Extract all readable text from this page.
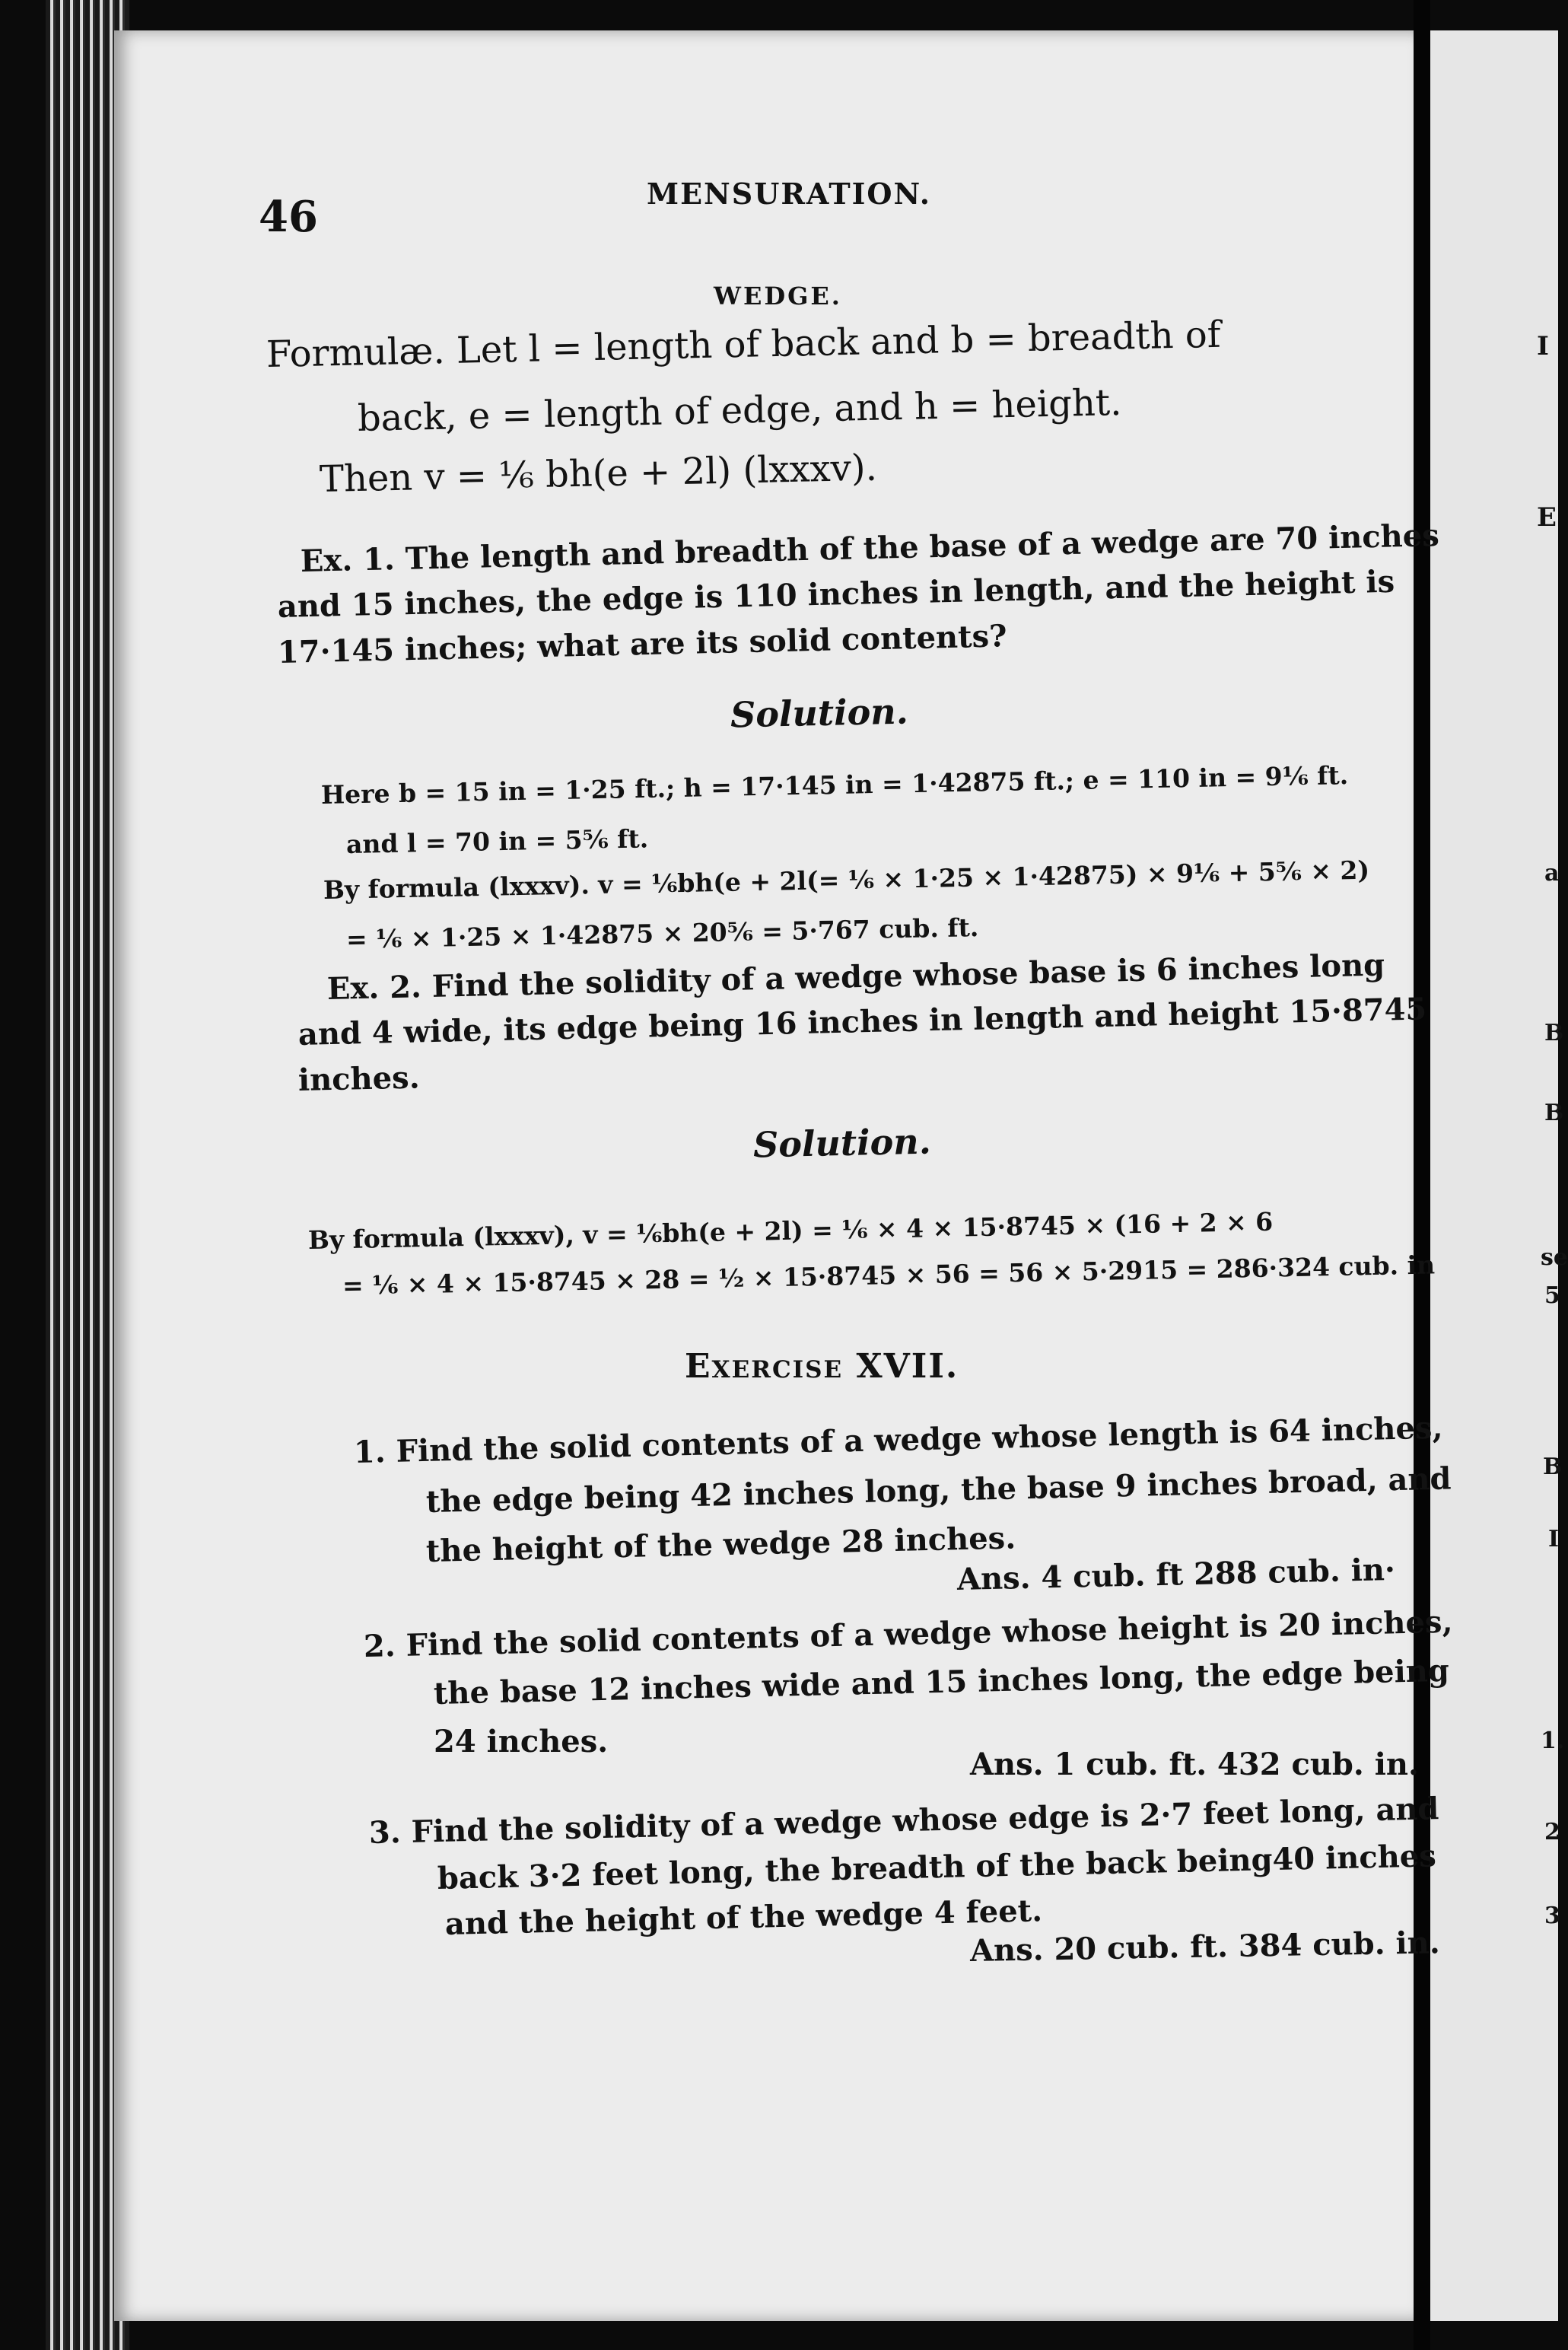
I
E
a
B
B
se
5
B
I
1.
2
3
46	MENSURATION.
WEDGE.
Formulæ. Let l = length of back and b = breadth of
back, e = length of edge, and h = height.
Then v = ⅙ bh(e + 2l) (lxxxv).
Ex. 1. The length and breadth of the base of a wedge are 70 inches
and 15 inches, the edge is 110 inches in length, and the height is
17·145 inches; what are its solid contents?
Solution.
Here b = 15 in = 1·25 ft.; h = 17·145 in = 1·42875 ft.; e = 110 in = 9⅙ ft.
and l = 70 in = 5⅚ ft.
By formula (lxxxv). v = ⅙bh(e + 2l(= ⅙ × 1·25 × 1·42875) × 9⅙ + 5⅚ × 2)
= ⅙ × 1·25 × 1·42875 × 20⅚ = 5·767 cub. ft.
Ex. 2. Find the solidity of a wedge whose base is 6 inches long
and 4 wide, its edge being 16 inches in length and height 15·8745
inches.
Solution.
By formula (lxxxv), v = ⅙bh(e + 2l) = ⅙ × 4 × 15·8745 × (16 + 2 × 6
= ⅙ × 4 × 15·8745 × 28 = ½ × 15·8745 × 56 = 56 × 5·2915 = 286·324 cub. in
Exercise XVII.
1. Find the solid contents of a wedge whose length is 64 inches,
the edge being 42 inches long, the base 9 inches broad, and
the height of the wedge 28 inches.
Ans. 4 cub. ft 288 cub. in·
2. Find the solid contents of a wedge whose height is 20 inches,
the base 12 inches wide and 15 inches long, the edge being
24 inches.
Ans. 1 cub. ft. 432 cub. in.
3. Find the solidity of a wedge whose edge is 2·7 feet long, and
back 3·2 feet long, the breadth of the back being40 inches
and the height of the wedge 4 feet.
Ans. 20 cub. ft. 384 cub. in.
